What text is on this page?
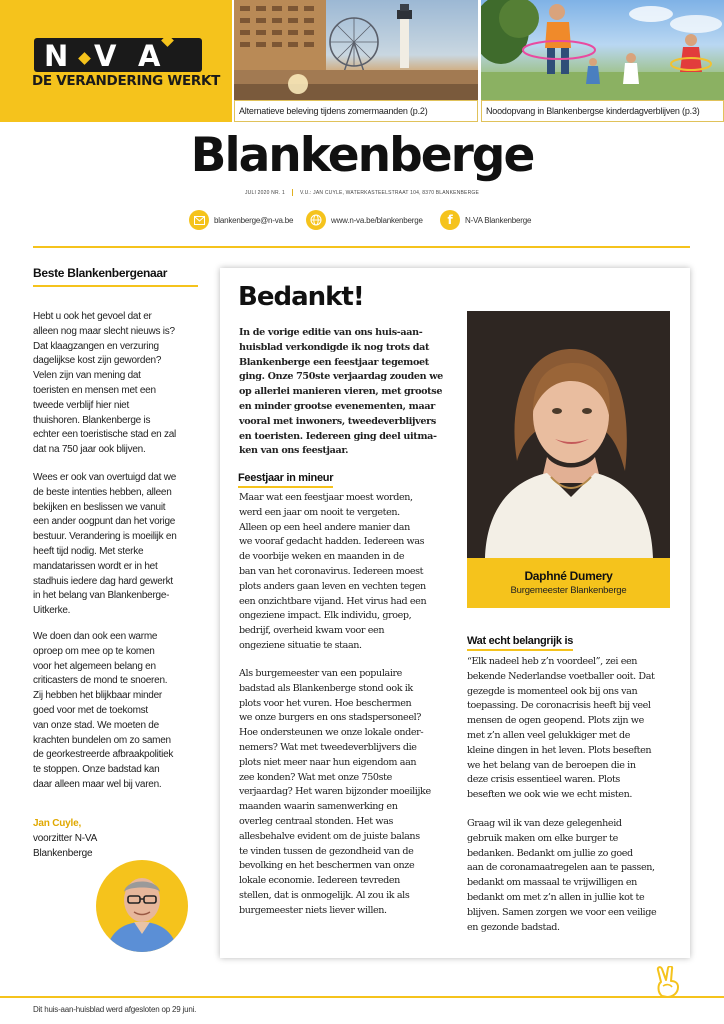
N V A
DE VERANDERING WERKT
Alternatieve beleving tijdens zomermaanden (p.2)	Noodopvang in Blankenbergse kinderdagverblijven (p.3)
Blankenberge
JULI 2020 NR. 1	V.U.: JAN CUYLE, WATERKASTEELSTRAAT 104, 8370 BLANKENBERGE
blankenberge@n-va.be	www.n-va.be/blankenberge f N-VA Blankenberge
Beste Blankenbergenaar
Hebt u ook het gevoel dat er
alleen nog maar slecht nieuws is?
Dat klaagzangen en verzuring
dagelijkse kost zijn geworden?
Velen zijn van mening dat
toeristen en mensen met een
tweede verblijf hier niet
thuishoren. Blankenberge is
echter een toeristische stad en zal
dat na 750 jaar ook blijven.
Wees er ook van overtuigd dat we
de beste intenties hebben, alleen
bekijken en beslissen we vanuit
een ander oogpunt dan het vorige
bestuur. Verandering is moeilijk en
heeft tijd nodig. Met sterke
mandatarissen wordt er in het
stadhuis iedere dag hard gewerkt
in het belang van Blankenberge-
Uitkerke.
We doen dan ook een warme
oproep om mee op te komen
voor het algemeen belang en
criticasters de mond te snoeren.
Zij hebben het blijkbaar minder
goed voor met de toekomst
van onze stad. We moeten de
krachten bundelen om zo samen
de georkestreerde afbraakpolitiek
te stoppen. Onze badstad kan
daar alleen maar wel bij varen.
Jan Cuyle,
voorzitter N-VA
Blankenberge
Bedankt!
In de vorige editie van ons huis-aan-
huisblad verkondigde ik nog trots dat
Blankenberge een feestjaar tegemoet
ging. Onze 750ste verjaardag zouden we
op allerlei manieren vieren, met grootse
en minder grootse evenementen, maar
vooral met inwoners, tweedeverblijvers
en toeristen. Iedereen ging deel uitma-
ken van ons feestjaar.
Feestjaar in mineur
Maar wat een feestjaar moest worden,
werd een jaar om nooit te vergeten.
Alleen op een heel andere manier dan
we vooraf gedacht hadden. Iedereen was
de voorbije weken en maanden in de
ban van het coronavirus. Iedereen moest
plots anders gaan leven en vechten tegen
een onzichtbare vijand. Het virus had een
ongeziene impact. Elk individu, groep,
bedrijf, overheid kwam voor een
ongeziene situatie te staan.
Als burgemeester van een populaire
badstad als Blankenberge stond ook ik
plots voor het vuren. Hoe beschermen
we onze burgers en ons stadspersoneel?
Hoe ondersteunen we onze lokale onder-
nemers? Wat met tweedeverblijvers die
plots niet meer naar hun eigendom aan
zee konden? Wat met onze 750ste
verjaardag? Het waren bijzonder moeilijke
maanden waarin samenwerking en
overleg centraal stonden. Het was
allesbehalve evident om de juiste balans
te vinden tussen de gezondheid van de
bevolking en het beschermen van onze
lokale economie. Iedereen tevreden
stellen, dat is onmogelijk. Al zou ik als
burgemeester niets liever willen.
Daphné Dumery
Burgemeester Blankenberge
Wat echt belangrijk is
“Elk nadeel heb z’n voordeel”, zei een
bekende Nederlandse voetballer ooit. Dat
gezegde is momenteel ook bij ons van
toepassing. De coronacrisis heeft bij veel
mensen de ogen geopend. Plots zijn we
met z’n allen veel gelukkiger met de
kleine dingen in het leven. Plots beseften
we het belang van de beroepen die in
deze crisis essentieel waren. Plots
beseften we ook wie we echt misten.
Graag wil ik van deze gelegenheid
gebruik maken om elke burger te
bedanken. Bedankt om jullie zo goed
aan de coronamaatregelen aan te passen,
bedankt om massaal te vrijwilligen en
bedankt om met z’n allen in jullie kot te
blijven. Samen zorgen we voor een veilige
en gezonde badstad.
Dit huis-aan-huisblad werd afgesloten op 29 juni.
